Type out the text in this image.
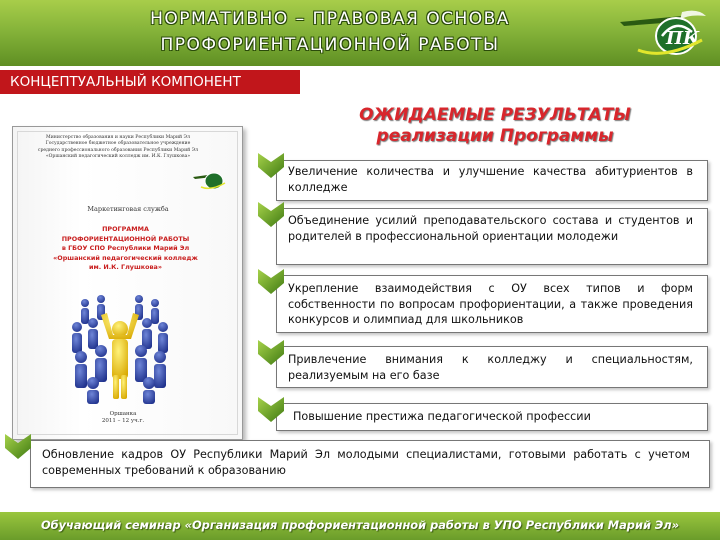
НОРМАТИВНО – ПРАВОВАЯ ОСНОВА
ПРОФОРИЕНТАЦИОННОЙ РАБОТЫ	ПК
КОНЦЕПТУАЛЬНЫЙ КОМПОНЕНТ
ОЖИДАЕМЫЕ РЕЗУЛЬТАТЫ
реализации Программы
Министерство образования и науки Республики Марий Эл
Государственное бюджетное образовательное учреждение
среднего профессионального образования Республики Марий Эл
«Оршанский педагогический колледж им. И.К. Глушкова»
Маркетинговая служба
ПРОГРАММА
ПРОФОРИЕНТАЦИОННОЙ РАБОТЫ
в ГБОУ СПО Республики Марий Эл
«Оршанский педагогический колледж
им. И.К. Глушкова»
Оршанка
2011 – 12 уч.г.
Увеличение количества и улучшение качества абитуриентов в колледже
Объединение усилий преподавательского состава и студентов и родителей в профессиональной ориентации молодежи
Укрепление взаимодействия с ОУ всех типов и форм собственности по вопросам профориентации, а также проведения конкурсов и олимпиад для школьников
Привлечение внимания к колледжу и специальностям, реализуемым на его базе
Повышение престижа педагогической профессии
Обновление кадров ОУ Республики Марий Эл молодыми специалистами, готовыми работать с учетом современных требований к образованию
Обучающий семинар «Организация профориентационной работы в УПО Республики Марий Эл»
